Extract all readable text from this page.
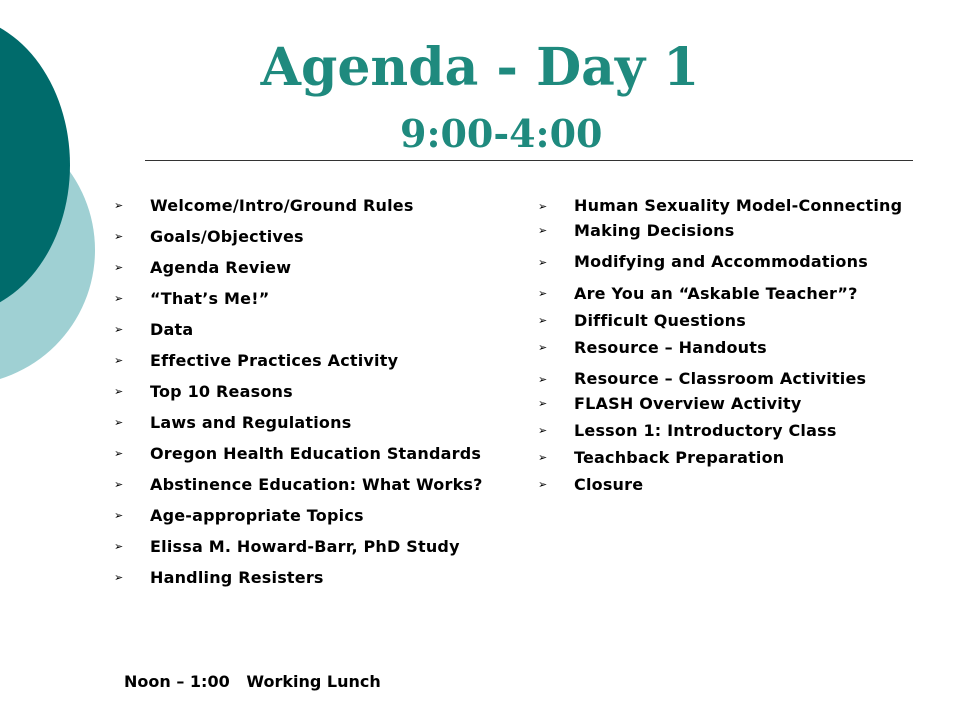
Agenda - Day 1
9:00-4:00
➢ Welcome/Intro/Ground Rules
➢ Goals/Objectives
➢ Agenda Review
➢ “That’s Me!”
➢ Data
➢ Effective Practices Activity
➢ Top 10 Reasons
➢ Laws and Regulations
➢ Oregon Health Education Standards
➢ Abstinence Education: What Works?
➢ Age-appropriate Topics
➢ Elissa M. Howard-Barr, PhD Study
➢ Handling Resisters
Noon – 1:00   Working Lunch
➢ Human Sexuality Model-Connecting
➢ Making Decisions
➢ Modifying and Accommodations
➢ Are You an “Askable Teacher”?
➢ Difficult Questions
➢ Resource – Handouts
➢ Resource – Classroom Activities
➢ FLASH Overview Activity
➢ Lesson 1: Introductory Class
➢ Teachback Preparation
➢ Closure
